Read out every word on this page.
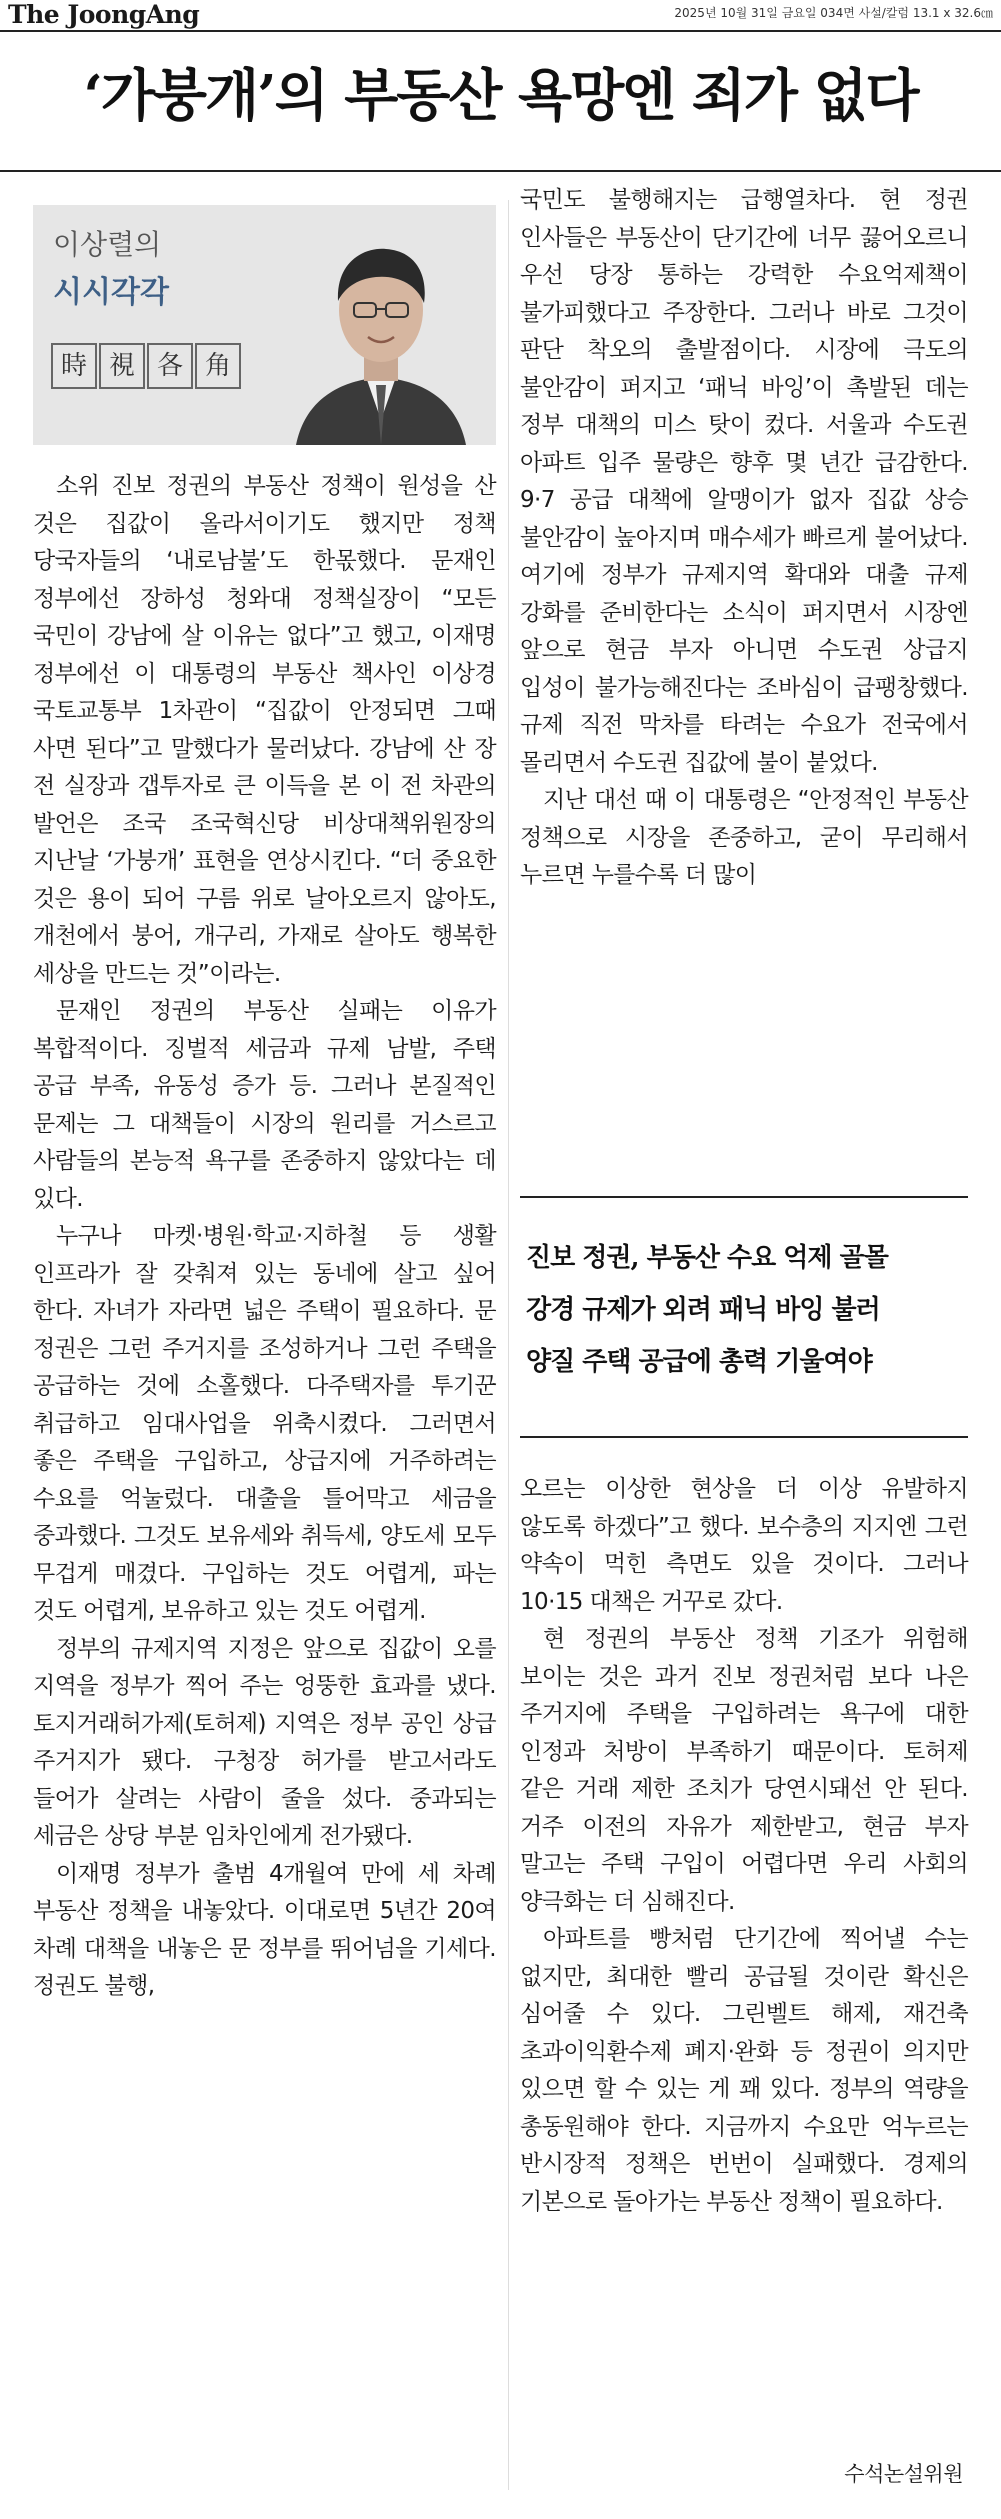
The JoongAng	2025년 10월 31일 금요일 034면 사설/칼럼 13.1 x 32.6㎝
‘가붕개’의 부동산 욕망엔 죄가 없다
이상렬의
시시각각
時 視 各 角

소위 진보 정권의 부동산 정책이 원성을 산 것은 집값이 올라서이기도 했지만 정책 당국자들의 ‘내로남불’도 한몫했다. 문재인 정부에선 장하성 청와대 정책실장이 “모든 국민이 강남에 살 이유는 없다”고 했고, 이재명 정부에선 이 대통령의 부동산 책사인 이상경 국토교통부 1차관이 “집값이 안정되면 그때 사면 된다”고 말했다가 물러났다. 강남에 산 장 전 실장과 갭투자로 큰 이득을 본 이 전 차관의 발언은 조국 조국혁신당 비상대책위원장의 지난날 ‘가붕개’ 표현을 연상시킨다. “더 중요한 것은 용이 되어 구름 위로 날아오르지 않아도, 개천에서 붕어, 개구리, 가재로 살아도 행복한 세상을 만드는 것”이라는.

문재인 정권의 부동산 실패는 이유가 복합적이다. 징벌적 세금과 규제 남발, 주택 공급 부족, 유동성 증가 등. 그러나 본질적인 문제는 그 대책들이 시장의 원리를 거스르고 사람들의 본능적 욕구를 존중하지 않았다는 데 있다.

누구나 마켓·병원·학교·지하철 등 생활 인프라가 잘 갖춰져 있는 동네에 살고 싶어 한다. 자녀가 자라면 넓은 주택이 필요하다. 문 정권은 그런 주거지를 조성하거나 그런 주택을 공급하는 것에 소홀했다. 다주택자를 투기꾼 취급하고 임대사업을 위축시켰다. 그러면서 좋은 주택을 구입하고, 상급지에 거주하려는 수요를 억눌렀다. 대출을 틀어막고 세금을 중과했다. 그것도 보유세와 취득세, 양도세 모두 무겁게 매겼다. 구입하는 것도 어렵게, 파는 것도 어렵게, 보유하고 있는 것도 어렵게.

정부의 규제지역 지정은 앞으로 집값이 오를 지역을 정부가 찍어 주는 엉뚱한 효과를 냈다. 토지거래허가제(토허제) 지역은 정부 공인 상급 주거지가 됐다. 구청장 허가를 받고서라도 들어가 살려는 사람이 줄을 섰다. 중과되는 세금은 상당 부분 임차인에게 전가됐다.

이재명 정부가 출범 4개월여 만에 세 차례 부동산 정책을 내놓았다. 이대로면 5년간 20여 차례 대책을 내놓은 문 정부를 뛰어넘을 기세다. 정권도 불행,

국민도 불행해지는 급행열차다. 현 정권 인사들은 부동산이 단기간에 너무 끓어오르니 우선 당장 통하는 강력한 수요억제책이 불가피했다고 주장한다. 그러나 바로 그것이 판단 착오의 출발점이다. 시장에 극도의 불안감이 퍼지고 ‘패닉 바잉’이 촉발된 데는 정부 대책의 미스 탓이 컸다. 서울과 수도권 아파트 입주 물량은 향후 몇 년간 급감한다. 9·7 공급 대책에 알맹이가 없자 집값 상승 불안감이 높아지며 매수세가 빠르게 불어났다. 여기에 정부가 규제지역 확대와 대출 규제 강화를 준비한다는 소식이 퍼지면서 시장엔 앞으로 현금 부자 아니면 수도권 상급지 입성이 불가능해진다는 조바심이 급팽창했다. 규제 직전 막차를 타려는 수요가 전국에서 몰리면서 수도권 집값에 불이 붙었다.

지난 대선 때 이 대통령은 “안정적인 부동산 정책으로 시장을 존중하고, 굳이 무리해서 누르면 누를수록 더 많이

진보 정권, 부동산 수요 억제 골몰
강경 규제가 외려 패닉 바잉 불러
양질 주택 공급에 총력 기울여야

오르는 이상한 현상을 더 이상 유발하지 않도록 하겠다”고 했다. 보수층의 지지엔 그런 약속이 먹힌 측면도 있을 것이다. 그러나 10·15 대책은 거꾸로 갔다.

현 정권의 부동산 정책 기조가 위험해 보이는 것은 과거 진보 정권처럼 보다 나은 주거지에 주택을 구입하려는 욕구에 대한 인정과 처방이 부족하기 때문이다. 토허제 같은 거래 제한 조치가 당연시돼선 안 된다. 거주 이전의 자유가 제한받고, 현금 부자 말고는 주택 구입이 어렵다면 우리 사회의 양극화는 더 심해진다.

아파트를 빵처럼 단기간에 찍어낼 수는 없지만, 최대한 빨리 공급될 것이란 확신은 심어줄 수 있다. 그린벨트 해제, 재건축 초과이익환수제 폐지·완화 등 정권이 의지만 있으면 할 수 있는 게 꽤 있다. 정부의 역량을 총동원해야 한다. 지금까지 수요만 억누르는 반시장적 정책은 번번이 실패했다. 경제의 기본으로 돌아가는 부동산 정책이 필요하다.

수석논설위원
